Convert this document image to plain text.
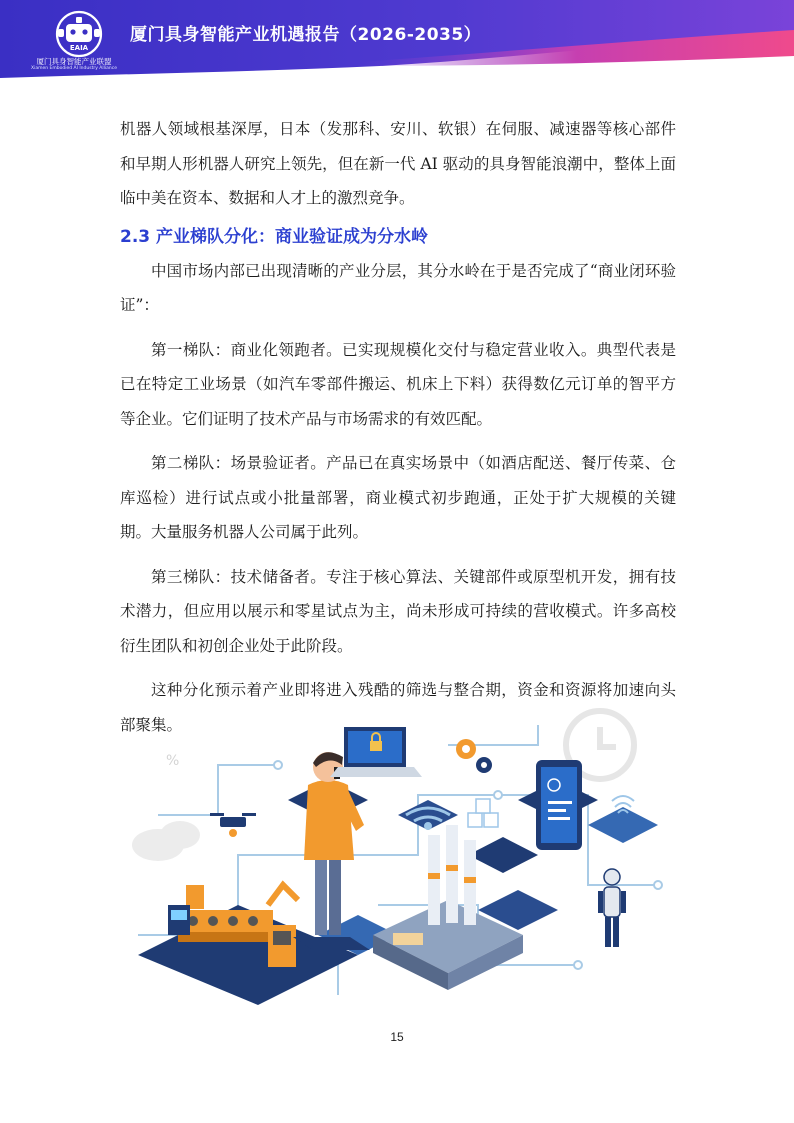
EAIA
厦门具身智能产业联盟
Xiamen Embodied AI Industry Alliance
厦门具身智能产业机遇报告（2026-2035）

机器人领域根基深厚，日本（发那科、安川、软银）在伺服、减速器等核心部件和早期人形机器人研究上领先，但在新一代 AI 驱动的具身智能浪潮中，整体上面临中美在资本、数据和人才上的激烈竞争。

2.3 产业梯队分化：商业验证成为分水岭

中国市场内部已出现清晰的产业分层，其分水岭在于是否完成了“商业闭环验证”：

第一梯队：商业化领跑者。已实现规模化交付与稳定营业收入。典型代表是已在特定工业场景（如汽车零部件搬运、机床上下料）获得数亿元订单的智平方等企业。它们证明了技术产品与市场需求的有效匹配。

第二梯队：场景验证者。产品已在真实场景中（如酒店配送、餐厅传菜、仓库巡检）进行试点或小批量部署，商业模式初步跑通，正处于扩大规模的关键期。大量服务机器人公司属于此列。

第三梯队：技术储备者。专注于核心算法、关键部件或原型机开发，拥有技术潜力，但应用以展示和零星试点为主，尚未形成可持续的营收模式。许多高校衍生团队和初创企业处于此阶段。

这种分化预示着产业即将进入残酷的筛选与整合期，资金和资源将加速向头部聚集。

%
15
